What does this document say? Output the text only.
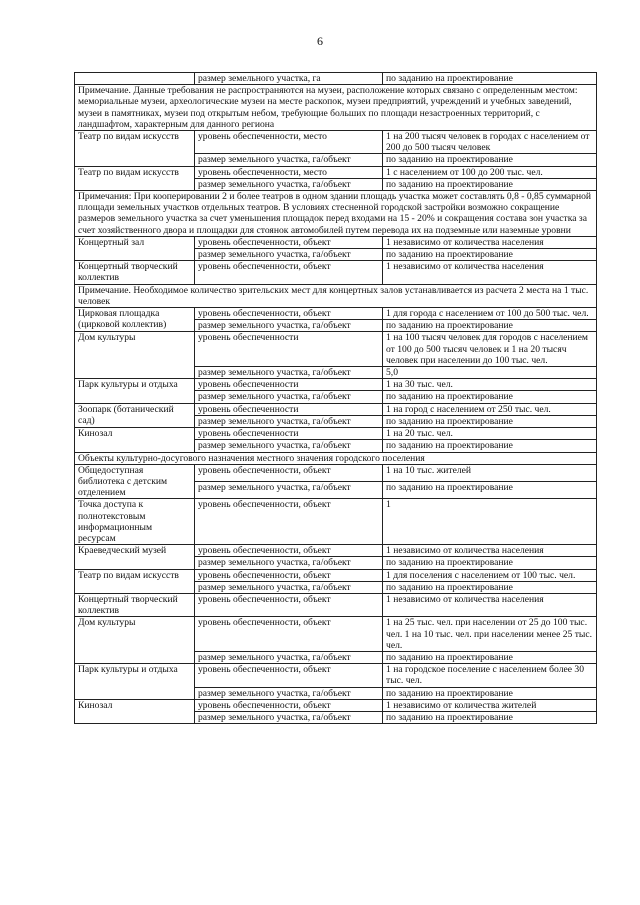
6
	размер земельного участка, га	по заданию на проектирование
Примечание. Данные требования не распространяются на музеи, расположение которых связано с определенным местом: мемориальные музеи, археологические музеи на месте раскопок, музеи предприятий, учреждений и учебных заведений, музеи в памятниках, музеи под открытым небом, требующие больших по площади незастроенных территорий, с ландшафтом, характерным для данного региона		
Театр по видам искусств	уровень обеспеченности, место	1 на 200 тысяч человек в городах с населением от 200 до 500 тысяч человек
	размер земельного участка, га/объект	по заданию на проектирование
Театр по видам искусств	уровень обеспеченности, место	1 с населением от 100 до 200 тыс. чел.
	размер земельного участка, га/объект	по заданию на проектирование
Примечания: При кооперировании 2 и более театров в одном здании площадь участка может составлять 0,8 - 0,85 суммарной площади земельных участков отдельных театров. В условиях стесненной городской застройки возможно сокращение размеров земельного участка за счет уменьшения площадок перед входами на 15 - 20% и сокращения состава зон участка за счет хозяйственного двора и площадки для стоянок автомобилей путем перевода их на подземные или наземные уровни		
Концертный зал	уровень обеспеченности, объект	1 независимо от количества населения
	размер земельного участка, га/объект	по заданию на проектирование
Концертный творческий коллектив	уровень обеспеченности, объект	1 независимо от количества населения
Примечание. Необходимое количество зрительских мест для концертных залов устанавливается из расчета 2 места на 1 тыс. человек		
Цирковая площадка (цирковой коллектив)	уровень обеспеченности, объект	1 для города с населением от 100 до 500 тыс. чел.
	размер земельного участка, га/объект	по заданию на проектирование
Дом культуры	уровень обеспеченности	1 на 100 тысяч человек для городов с населением от 100 до 500 тысяч человек и 1 на 20 тысяч человек при населении до 100 тыс. чел.
	размер земельного участка, га/объект	5,0
Парк культуры и отдыха	уровень обеспеченности	1 на 30 тыс. чел.
	размер земельного участка, га/объект	по заданию на проектирование
Зоопарк (ботанический сад)	уровень обеспеченности	1 на город с населением от 250 тыс. чел.
	размер земельного участка, га/объект	по заданию на проектирование
Кинозал	уровень обеспеченности	1 на 20 тыс. чел.
	размер земельного участка, га/объект	по заданию на проектирование
Объекты культурно-досугового назначения местного значения городского поселения		
Общедоступная библиотека с детским отделением	уровень обеспеченности, объект	1 на 10 тыс. жителей
	размер земельного участка, га/объект	по заданию на проектирование
Точка доступа к полнотекстовым информационным ресурсам	уровень обеспеченности, объект	1
Краеведческий музей	уровень обеспеченности, объект	1 независимо от количества населения
	размер земельного участка, га/объект	по заданию на проектирование
Театр по видам искусств	уровень обеспеченности, объект	1 для поселения с населением от 100 тыс. чел.
	размер земельного участка, га/объект	по заданию на проектирование
Концертный творческий коллектив	уровень обеспеченности, объект	1 независимо от количества населения
Дом культуры	уровень обеспеченности, объект	1 на 25 тыс. чел. при населении от 25 до 100 тыс. чел. 1 на 10 тыс. чел. при населении менее 25 тыс. чел.
	размер земельного участка, га/объект	по заданию на проектирование
Парк культуры и отдыха	уровень обеспеченности, объект	1 на городское поселение с населением более 30 тыс. чел.
	размер земельного участка, га/объект	по заданию на проектирование
Кинозал	уровень обеспеченности, объект	1 независимо от количества жителей
	размер земельного участка, га/объект	по заданию на проектирование
